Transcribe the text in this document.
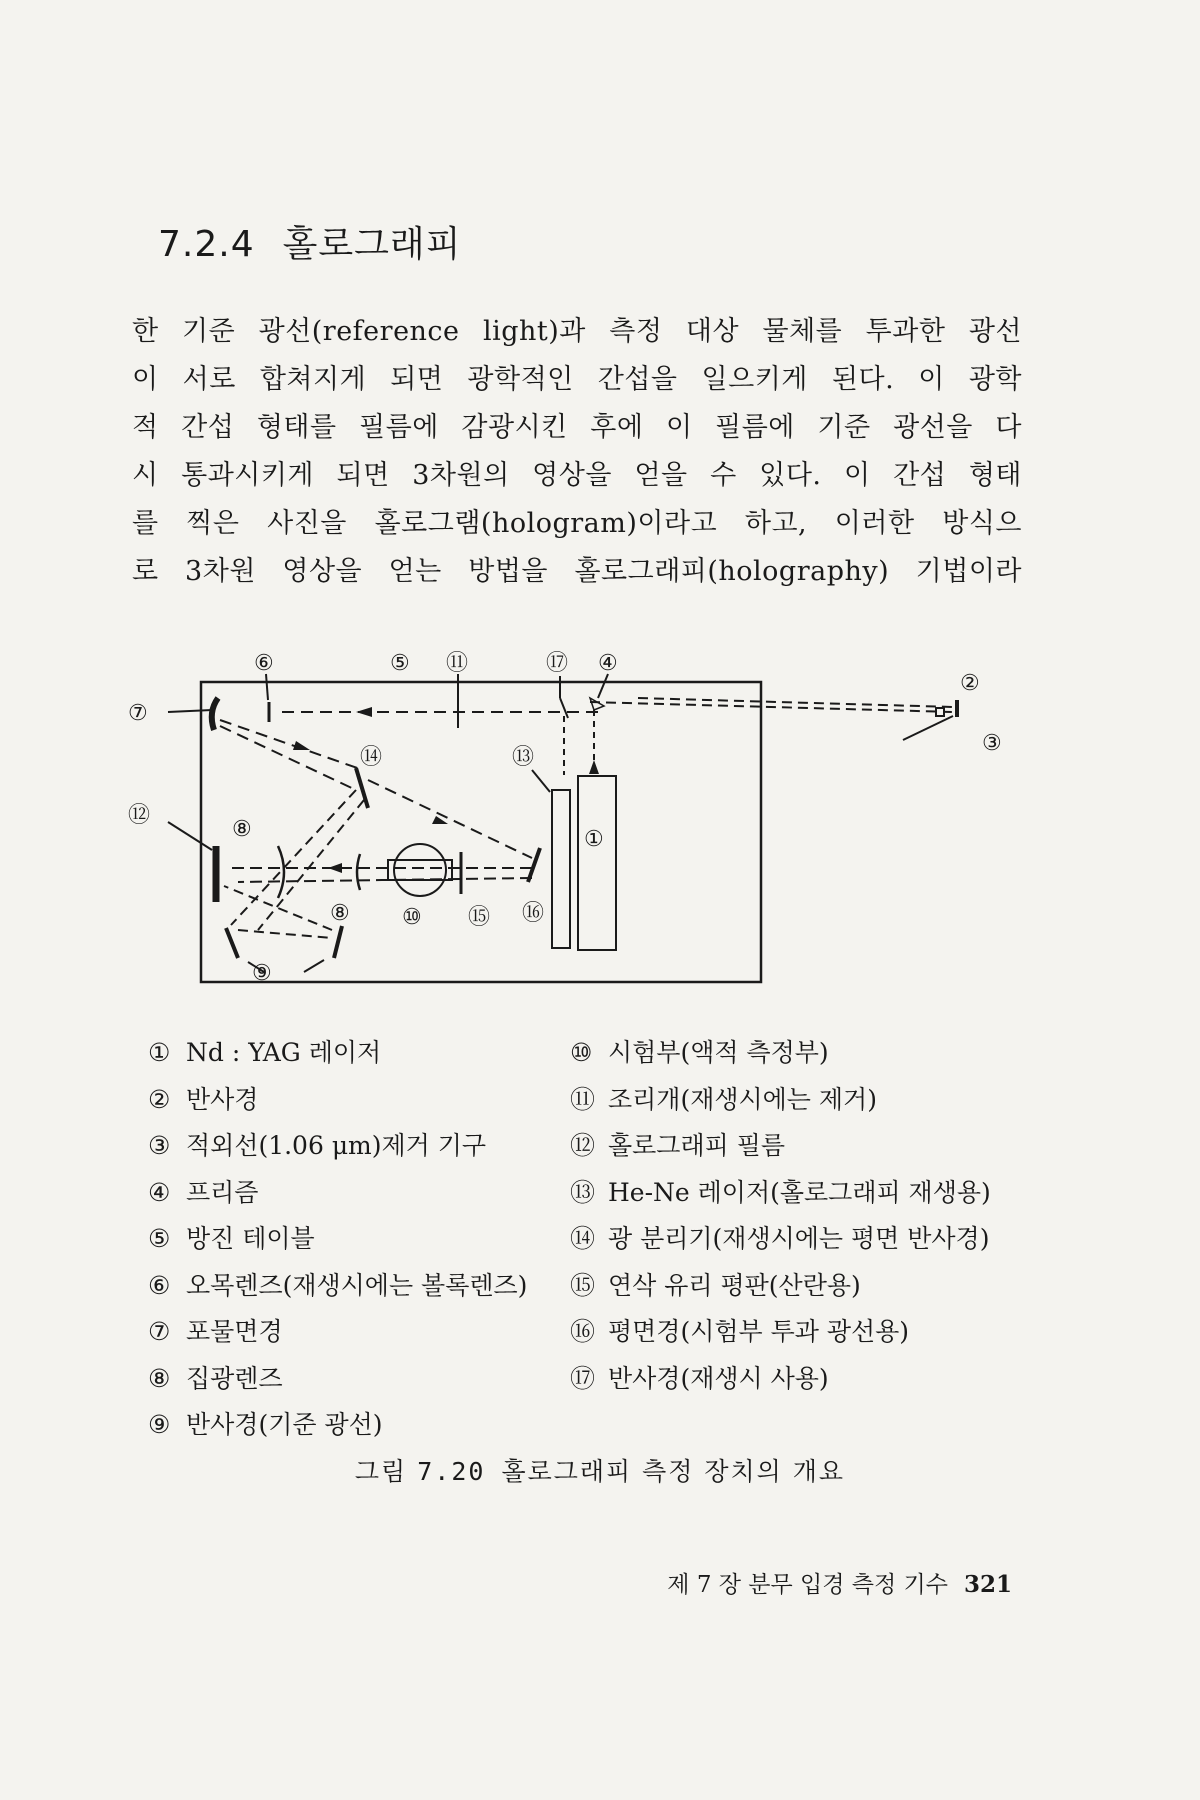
7.2.4 홀로그래피
한 기준 광선(reference light)과 측정 대상 물체를 투과한 광선
이 서로 합쳐지게 되면 광학적인 간섭을 일으키게 된다. 이 광학
적 간섭 형태를 필름에 감광시킨 후에 이 필름에 기준 광선을 다
시 통과시키게 되면 3차원의 영상을 얻을 수 있다. 이 간섭 형태
를 찍은 사진을 홀로그램(hologram)이라고 하고, 이러한 방식으
로 3차원 영상을 얻는 방법을 홀로그래피(holography) 기법이라
⑥	⑤ ⑪	⑰ ④
⑦
②
③
⑭	⑬
⑫
⑧	①
⑧ ⑩ ⑮ ⑯
⑨
① Nd : YAG 레이저
② 반사경
③ 적외선(1.06 μm)제거 기구
④ 프리즘
⑤ 방진 테이블
⑥ 오목렌즈(재생시에는 볼록렌즈)
⑦ 포물면경
⑧ 집광렌즈
⑨ 반사경(기준 광선)
⑩ 시험부(액적 측정부)
⑪ 조리개(재생시에는 제거)
⑫ 홀로그래피 필름
⑬ He-Ne 레이저(홀로그래피 재생용)
⑭ 광 분리기(재생시에는 평면 반사경)
⑮ 연삭 유리 평판(산란용)
⑯ 평면경(시험부 투과 광선용)
⑰ 반사경(재생시 사용)
그림 7.20 홀로그래피 측정 장치의 개요
제 7 장 분무 입경 측정 기수 321
